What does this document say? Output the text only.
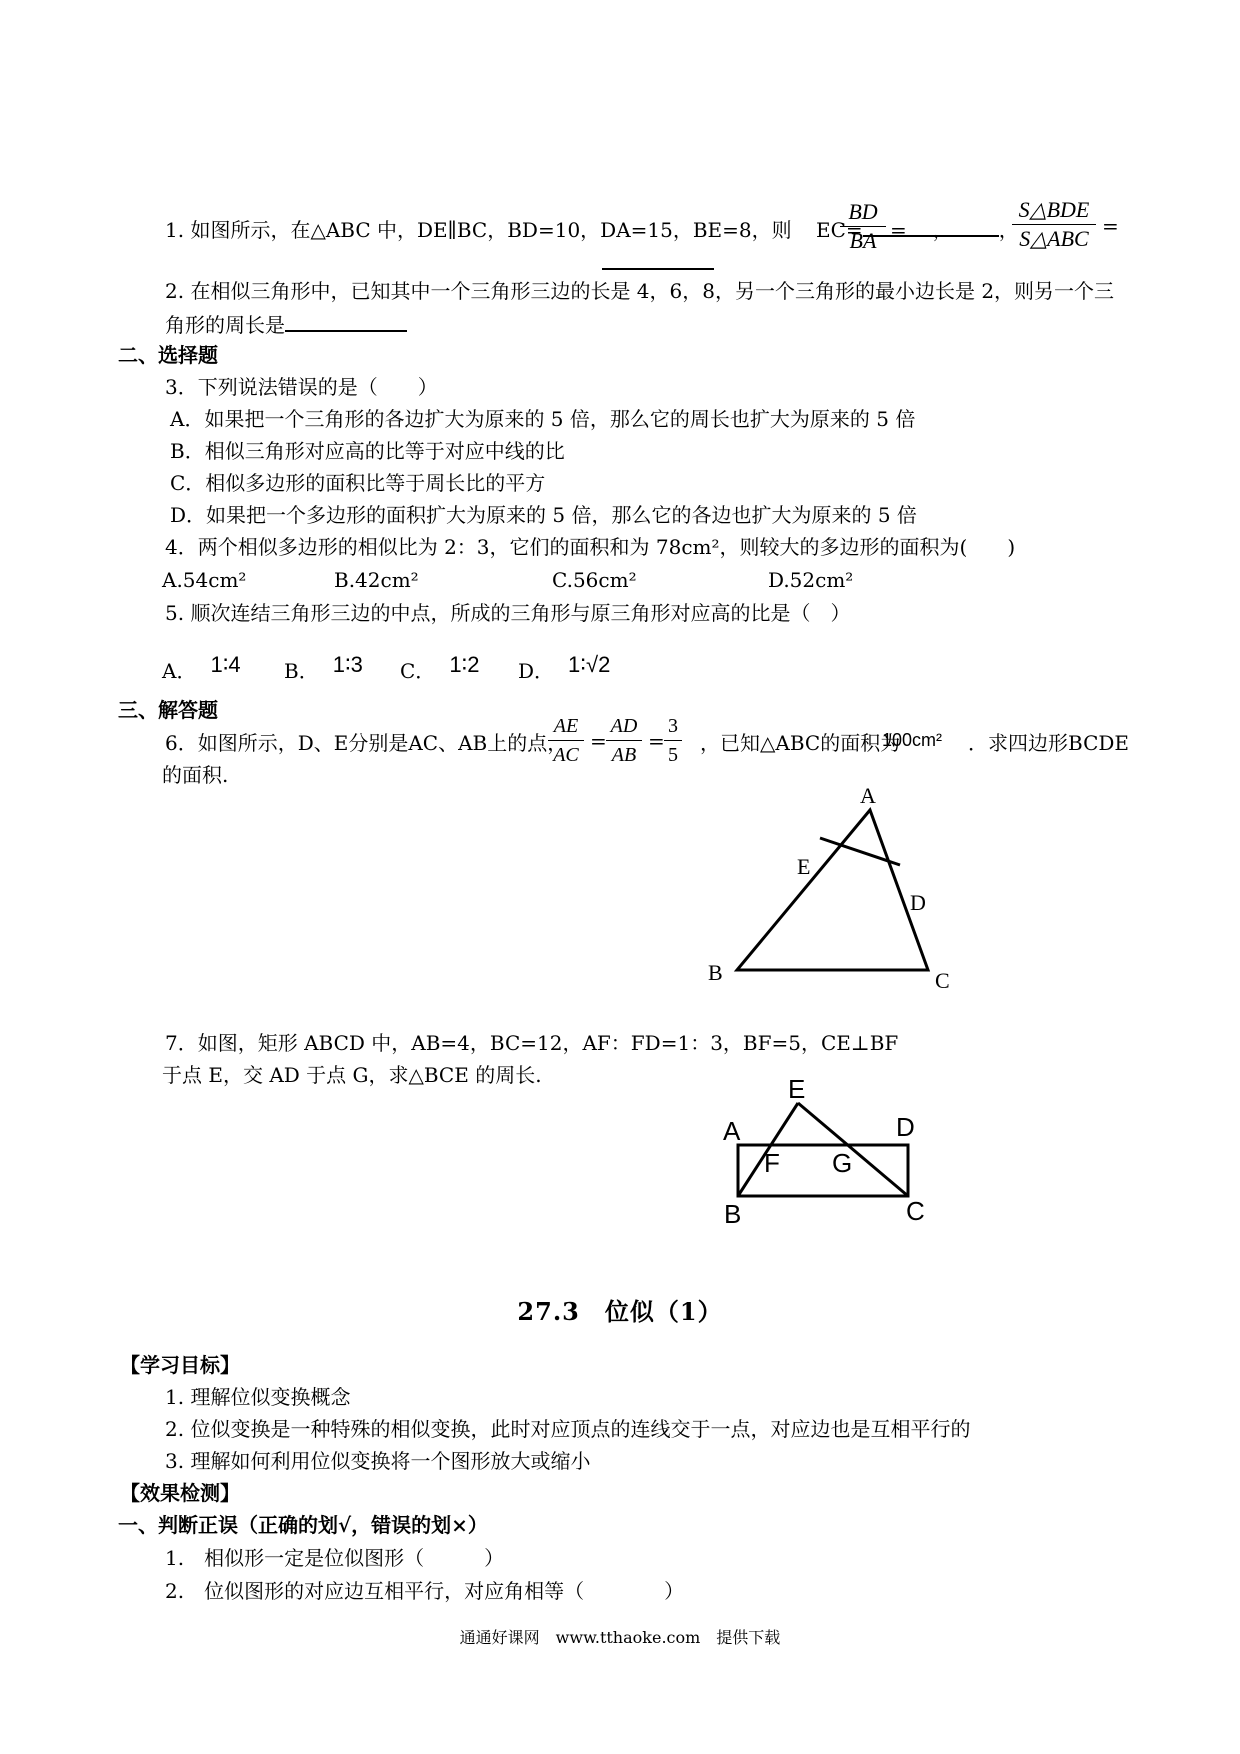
1. 如图所示，在△ABC 中，DE∥BC，BD=10，DA=15，BE=8，则 EC=	，
BD
BA =	，
S△BDE
S△ABC =
2. 在相似三角形中，已知其中一个三角形三边的长是 4，6，8，另一个三角形的最小边长是 2，则另一个三
角形的周长是
二、选择题
3．下列说法错误的是（　　）
A．如果把一个三角形的各边扩大为原来的 5 倍，那么它的周长也扩大为原来的 5 倍
B．相似三角形对应高的比等于对应中线的比
C．相似多边形的面积比等于周长比的平方
D．如果把一个多边形的面积扩大为原来的 5 倍，那么它的各边也扩大为原来的 5 倍
4．两个相似多边形的相似比为 2：3，它们的面积和为 78cm²，则较大的多边形的面积为(　　)
A.54cm²	B.42cm²	C.56cm²	D.52cm²
5. 顺次连结三角形三边的中点，所成的三角形与原三角形对应高的比是（　）
A． 1∶4 B． 1∶3 C． 1∶2 D． 1∶√2
三、解答题
6．如图所示，D、E分别是AC、AB上的点，
AE
AC
=
AD
AB
=
3
5 ，已知△ABC的面积为
100cm² ．求四边形BCDE
的面积.
A
E
D
B	C
E
A	D
F G
B	C
7．如图，矩形 ABCD 中，AB=4，BC=12，AF：FD=1：3，BF=5，CE⊥BF
于点 E，交 AD 于点 G，求△BCE 的周长.
27.3　位似（1）
【学习目标】
1. 理解位似变换概念
2. 位似变换是一种特殊的相似变换，此时对应顶点的连线交于一点，对应边也是互相平行的
3. 理解如何利用位似变换将一个图形放大或缩小
【效果检测】
一、判断正误（正确的划√，错误的划×）
1.　相似形一定是位似图形（　　　）
2.　位似图形的对应边互相平行，对应角相等（　　　　）
通通好课网　www.tthaoke.com　提供下载
